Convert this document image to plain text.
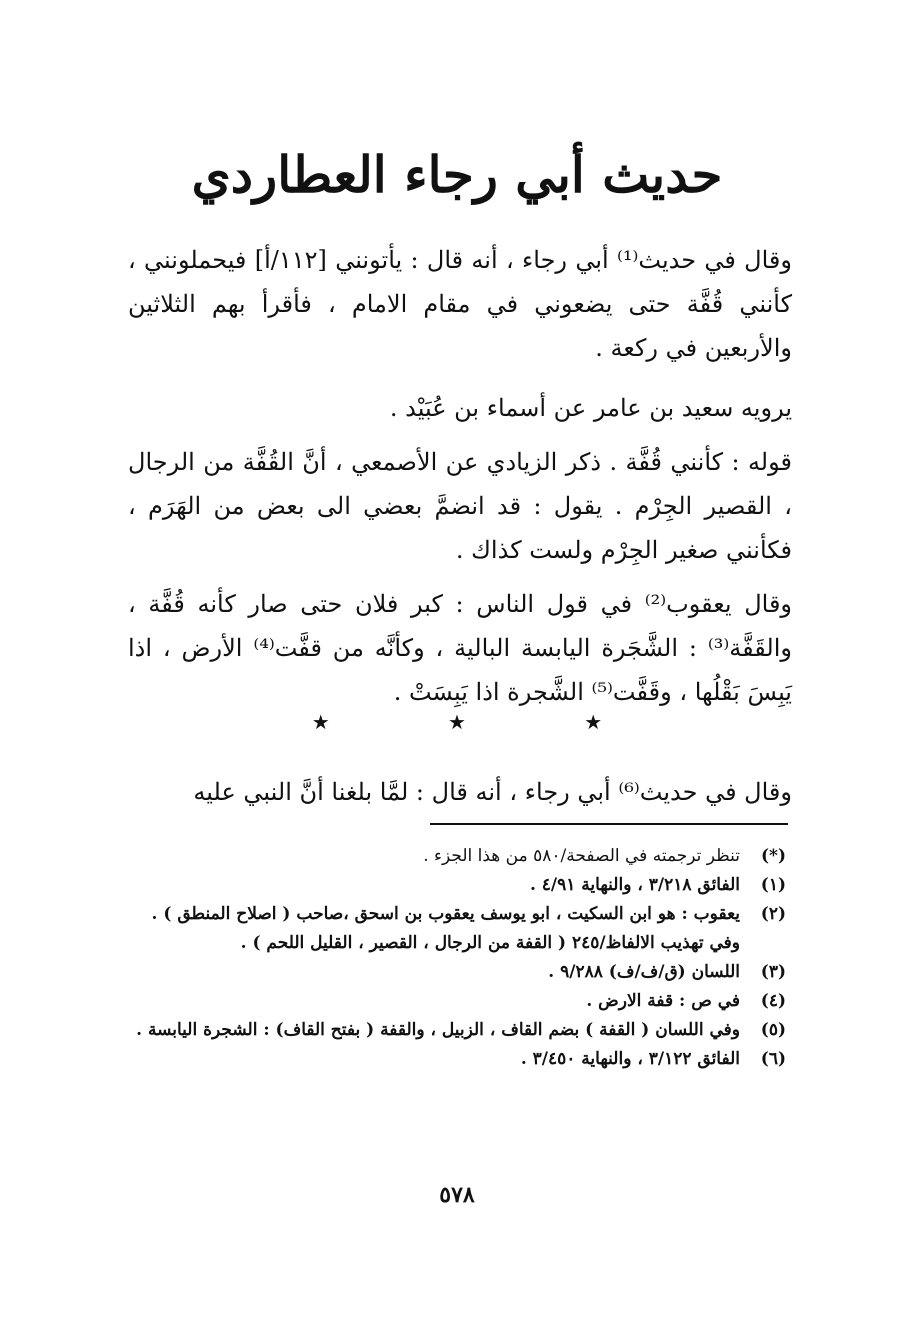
حديث أبي رجاء العطاردي

وقال في حديث⁽¹⁾ أبي رجاء ، أنه قال : يأتونني [١١٢/أ] فيحملونني ، كأنني قُفَّة حتى يضعوني في مقام الامام ، فأقرأ بهم الثلاثين والأربعين في ركعة .

يرويه سعيد بن عامر عن أسماء بن عُبَيْد .

قوله : كأنني قُفَّة . ذكر الزيادي عن الأصمعي ، أنَّ القُفَّة من الرجال ، القصير الجِرْم . يقول : قد انضمَّ بعضي الى بعض من الهَرَم ، فكأنني صغير الجِرْم ولست كذاك .

وقال يعقوب⁽²⁾ في قول الناس : كبر فلان حتى صار كأنه قُفَّة ، والقَفَّة⁽³⁾ : الشَّجَرة اليابسة البالية ، وكأنَّه من قفَّت⁽⁴⁾ الأرض ، اذا يَبِسَ بَقْلُها ، وقَفَّت⁽⁵⁾ الشَّجرة اذا يَبِسَتْ .

★ ★ ★

وقال في حديث⁽⁶⁾ أبي رجاء ، أنه قال : لمَّا بلغنا أنَّ النبي عليه

(*)
تنظر ترجمته في الصفحة/٥٨٠ من هذا الجزء .
(١)
الفائق ٣/٢١٨ ، والنهاية ٤/٩١ .
(٢)
يعقوب : هو ابن السكيت ، ابو يوسف يعقوب بن اسحق ،صاحب ( اصلاح المنطق ) . وفي تهذيب الالفاظ/٢٤٥ ( القفة من الرجال ، القصير ، القليل اللحم ) .
(٣)
اللسان (ق/ف/ف) ٩/٢٨٨ .
(٤)
في ص : قفة الارض .
(٥)
وفي اللسان ( القفة ) بضم القاف ، الزبيل ، والقفة ( بفتح القاف) : الشجرة اليابسة .
(٦)
الفائق ٣/١٢٢ ، والنهاية ٣/٤٥٠ .
٥٧٨
